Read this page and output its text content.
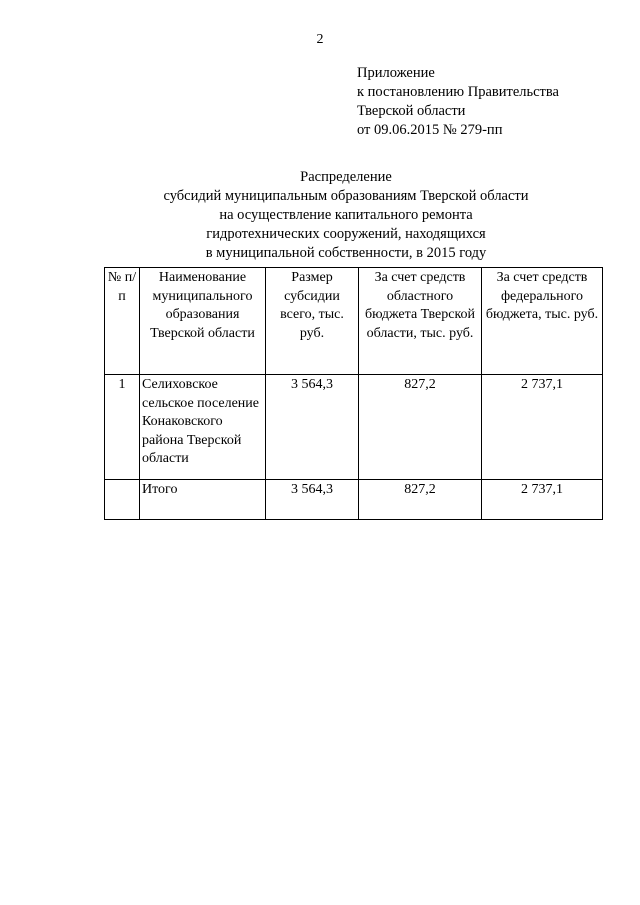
2
Приложение
к постановлению Правительства
Тверской области
от 09.06.2015 № 279-пп
Распределение
субсидий муниципальным образованиям Тверской области
на осуществление капитального ремонта
гидротехнических сооружений, находящихся
в муниципальной собственности, в 2015 году
№ п/п	Наименование муниципального образования Тверской области	Размер субсидии всего, тыс. руб.	За счет средств областного бюджета Тверской области, тыс. руб.	За счет средств федерального бюджета, тыс. руб.
1	Селиховское сельское поселение Конаковского района Тверской области	3 564,3	827,2	2 737,1
	Итого	3 564,3	827,2	2 737,1
